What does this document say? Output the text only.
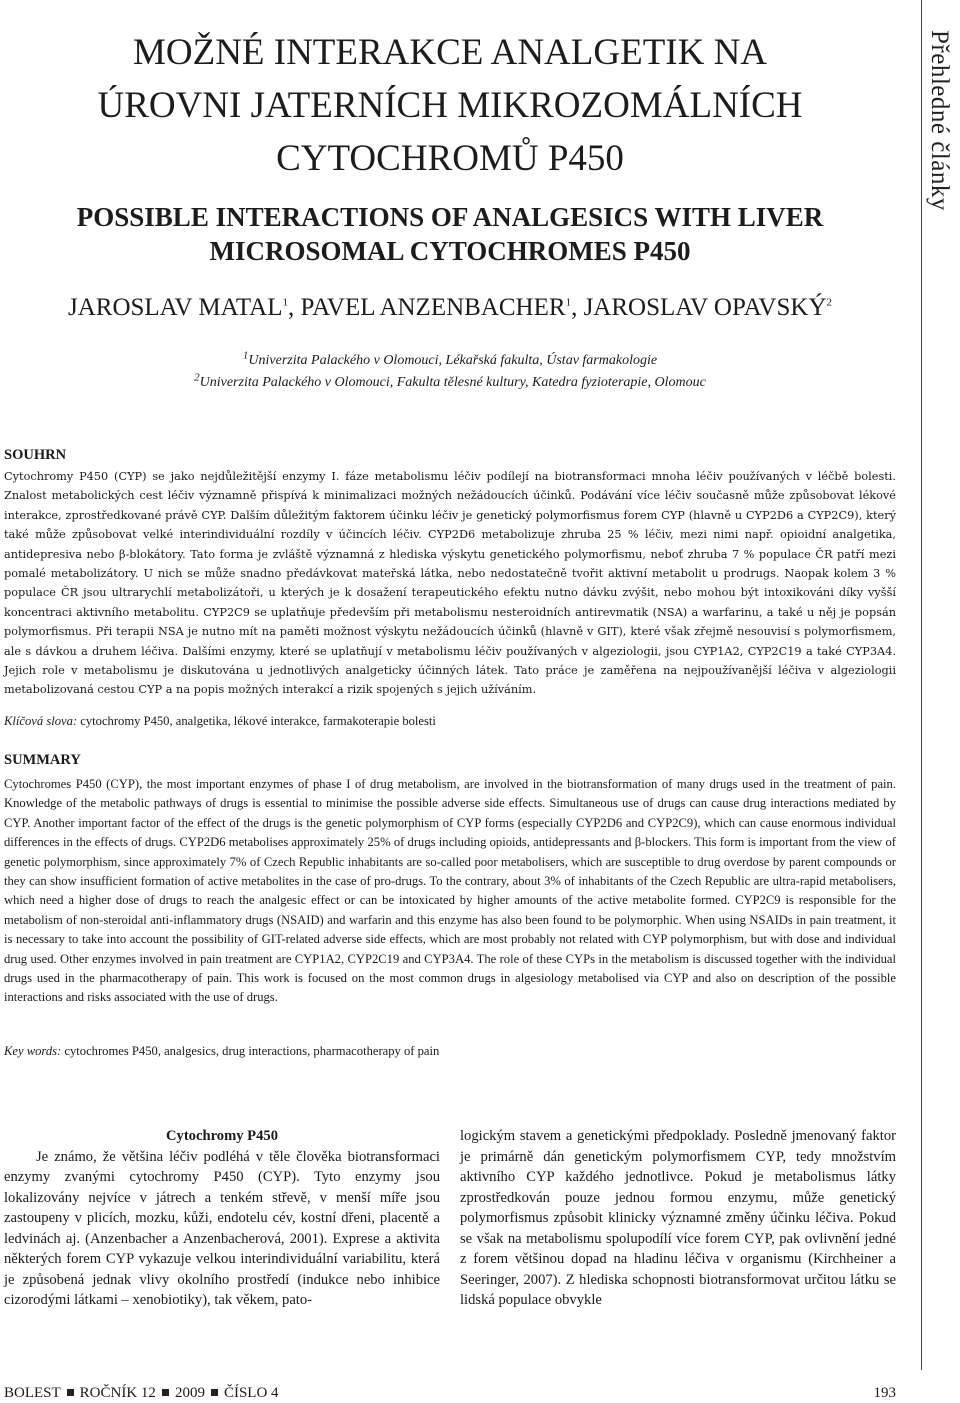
Přehledné články
MOŽNÉ INTERAKCE ANALGETIK NA
ÚROVNI JATERNÍCH MIKROZOMÁLNÍCH
CYTOCHROMŮ P450
POSSIBLE INTERACTIONS OF ANALGESICS WITH LIVER
MICROSOMAL CYTOCHROMES P450

JAROSLAV MATAL$^1$, PAVEL ANZENBACHER$^1$, JAROSLAV OPAVSKÝ$^2$

$^1$Univerzita Palackého v Olomouci, Lékařská fakulta, Ústav farmakologie
$^2$Univerzita Palackého v Olomouci, Fakulta tělesné kultury, Katedra fyzioterapie, Olomouc

SOUHRN

Cytochromy P450 (CYP) se jako nejdůležitější enzymy I. fáze metabolismu léčiv podílejí na biotransformaci mnoha léčiv používaných v léčbě bolesti. Znalost metabolických cest léčiv významně přispívá k minimalizaci možných nežádoucích účinků. Podávání více léčiv současně může způsobovat lékové interakce, zprostředkované právě CYP. Dalším důležitým faktorem účinku léčiv je genetický polymorfismus forem CYP (hlavně u CYP2D6 a CYP2C9), který také může způsobovat velké interindividuální rozdíly v účincích léčiv. CYP2D6 metabolizuje zhruba 25 % léčiv, mezi nimi např. opioidní analgetika, antidepresiva nebo β-blokátory. Tato forma je zvláště významná z hlediska výskytu genetického polymorfismu, neboť zhruba 7 % populace ČR patří mezi pomalé metabolizátory. U nich se může snadno předávkovat mateřská látka, nebo nedostatečně tvořit aktivní metabolit u prodrugs. Naopak kolem 3 % populace ČR jsou ultrarychlí metabolizátoři, u kterých je k dosažení terapeutického efektu nutno dávku zvýšit, nebo mohou být intoxikováni díky vyšší koncentraci aktivního metabolitu. CYP2C9 se uplatňuje především při metabolismu nesteroidních antirevmatik (NSA) a warfarinu, a také u něj je popsán polymorfismus. Při terapii NSA je nutno mít na paměti možnost výskytu nežádoucích účinků (hlavně v GIT), které však zřejmě nesouvisí s polymorfismem, ale s dávkou a druhem léčiva. Dalšími enzymy, které se uplatňují v metabolismu léčiv používaných v algeziologii, jsou CYP1A2, CYP2C19 a také CYP3A4. Jejich role v metabolismu je diskutována u jednotlivých analgeticky účinných látek. Tato práce je zaměřena na nejpoužívanější léčiva v algeziologii metabolizovaná cestou CYP a na popis možných interakcí a rizik spojených s jejich užíváním.

Klíčová slova: cytochromy P450, analgetika, lékové interakce, farmakoterapie bolesti

SUMMARY

Cytochromes P450 (CYP), the most important enzymes of phase I of drug metabolism, are involved in the biotransformation of many drugs used in the treatment of pain. Knowledge of the metabolic pathways of drugs is essential to minimise the possible adverse side effects. Simultaneous use of drugs can cause drug interactions mediated by CYP. Another important factor of the effect of the drugs is the genetic polymorphism of CYP forms (especially CYP2D6 and CYP2C9), which can cause enormous individual differences in the effects of drugs. CYP2D6 metabolises approximately 25% of drugs including opioids, antidepressants and β-blockers. This form is important from the view of genetic polymorphism, since approximately 7% of Czech Republic inhabitants are so-called poor metabolisers, which are susceptible to drug overdose by parent compounds or they can show insufficient formation of active metabolites in the case of pro-drugs. To the contrary, about 3% of inhabitants of the Czech Republic are ultra-rapid metabolisers, which need a higher dose of drugs to reach the analgesic effect or can be intoxicated by higher amounts of the active metabolite formed. CYP2C9 is responsible for the metabolism of non-steroidal anti-inflammatory drugs (NSAID) and warfarin and this enzyme has also been found to be polymorphic. When using NSAIDs in pain treatment, it is necessary to take into account the possibility of GIT-related adverse side effects, which are most probably not related with CYP polymorphism, but with dose and individual drug used. Other enzymes involved in pain treatment are CYP1A2, CYP2C19 and CYP3A4. The role of these CYPs in the metabolism is discussed together with the individual drugs used in the pharmacotherapy of pain. This work is focused on the most common drugs in algesiology metabolised via CYP and also on description of the possible interactions and risks associated with the use of drugs.

Key words: cytochromes P450, analgesics, drug interactions, pharmacotherapy of pain

Cytochromy P450

Je známo, že většina léčiv podléhá v těle člověka biotransformaci enzymy zvanými cytochromy P450 (CYP). Tyto enzymy jsou lokalizovány nejvíce v játrech a tenkém střevě, v menší míře jsou zastoupeny v plicích, mozku, kůži, endotelu cév, kostní dřeni, placentě a ledvinách aj. (Anzenbacher a Anzenbacherová, 2001). Exprese a aktivita některých forem CYP vykazuje velkou interindividuální variabilitu, která je způsobená jednak vlivy okolního prostředí (indukce nebo inhibice cizorodými látkami – xenobiotiky), tak věkem, pato-

logickým stavem a genetickými předpoklady. Posledně jmenovaný faktor je primárně dán genetickým polymorfismem CYP, tedy množstvím aktivního CYP každého jednotlivce. Pokud je metabolismus látky zprostředkován pouze jednou formou enzymu, může genetický polymorfismus způsobit klinicky významné změny účinku léčiva. Pokud se však na metabolismu spolupodílí více forem CYP, pak ovlivnění jedné z forem většinou dopad na hladinu léčiva v organismu (Kirchheiner a Seeringer, 2007). Z hlediska schopnosti biotransformovat určitou látku se lidská populace obvykle

BOLEST ROČNÍK 12 2009 ČÍSLO 4	193
